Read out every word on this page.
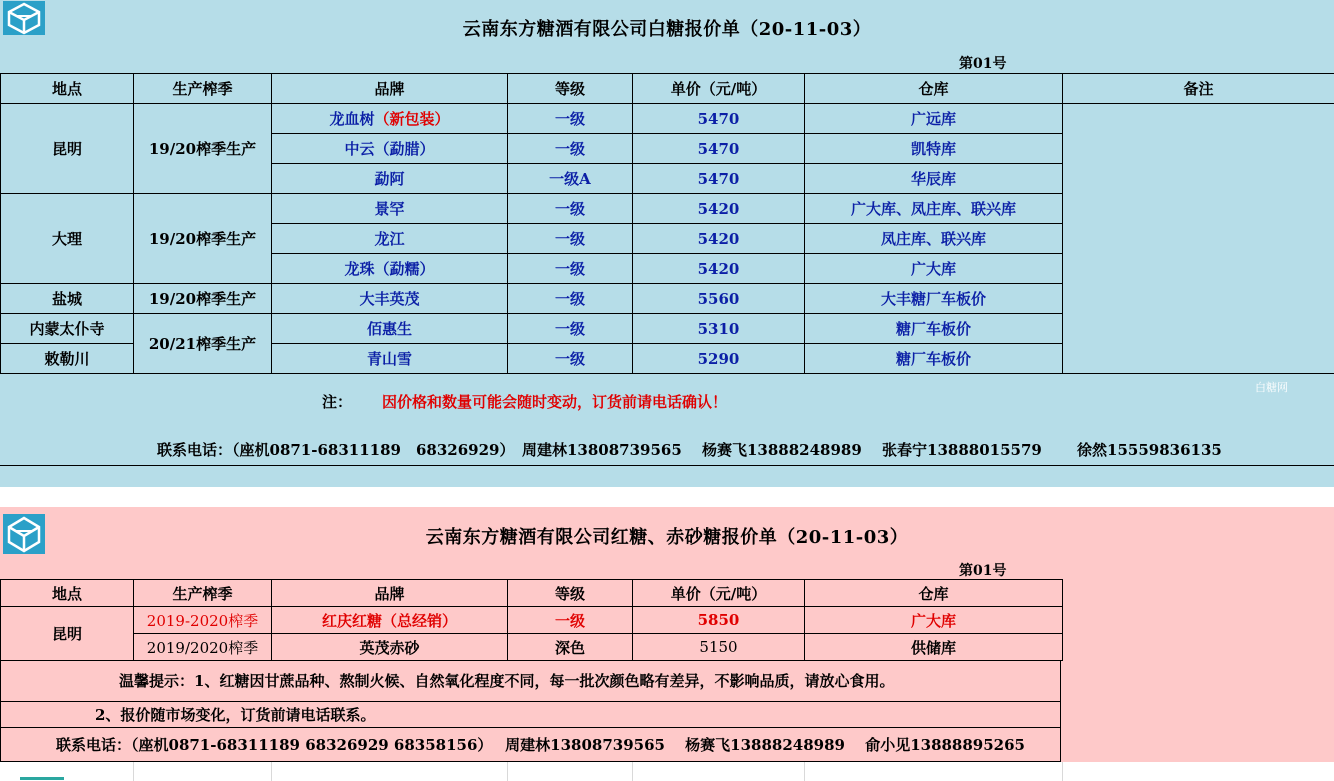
云南东方糖酒有限公司白糖报价单（20-11-03）
第01号
地点	生产榨季	品牌	等级	单价（元/吨）	仓库	备注
昆明	19/20榨季生产	龙血树（新包装）	一级	5470	广远库	
		中云（勐腊）	一级	5470	凯特库	
		勐阿	一级A	5470	华辰库	
大理	19/20榨季生产	景罕	一级	5420	广大库、凤庄库、联兴库	
		龙江	一级	5420	凤庄库、联兴库	
		龙珠（勐糯）	一级	5420	广大库	
盐城	19/20榨季生产	大丰英茂	一级	5560	大丰糖厂车板价	
内蒙太仆寺	20/21榨季生产	佰惠生	一级	5310	糖厂车板价	
敕勒川		青山雪	一级	5290	糖厂车板价	
注： 因价格和数量可能会随时变动，订货前请电话确认！
白糖网
联系电话：（座机0871-68311189　68326929）　周建林13808739565　 杨赛飞13888248989　 张春宁13888015579　　 徐然15559836135
云南东方糖酒有限公司红糖、赤砂糖报价单（20-11-03）
第01号
地点	生产榨季	品牌	等级	单价（元/吨）	仓库
昆明	2019-2020榨季	红庆红糖（总经销）	一级	5850	广大库
	2019/2020榨季	英茂赤砂	深色	5150	供储库
温馨提示：1、红糖因甘蔗品种、熬制火候、自然氧化程度不同，每一批次颜色略有差异，不影响品质，请放心食用。
2、报价随市场变化，订货前请电话联系。
联系电话：（座机0871-68311189 68326929 68358156）　 周建林13808739565　 杨赛飞13888248989　 俞小见13888895265
